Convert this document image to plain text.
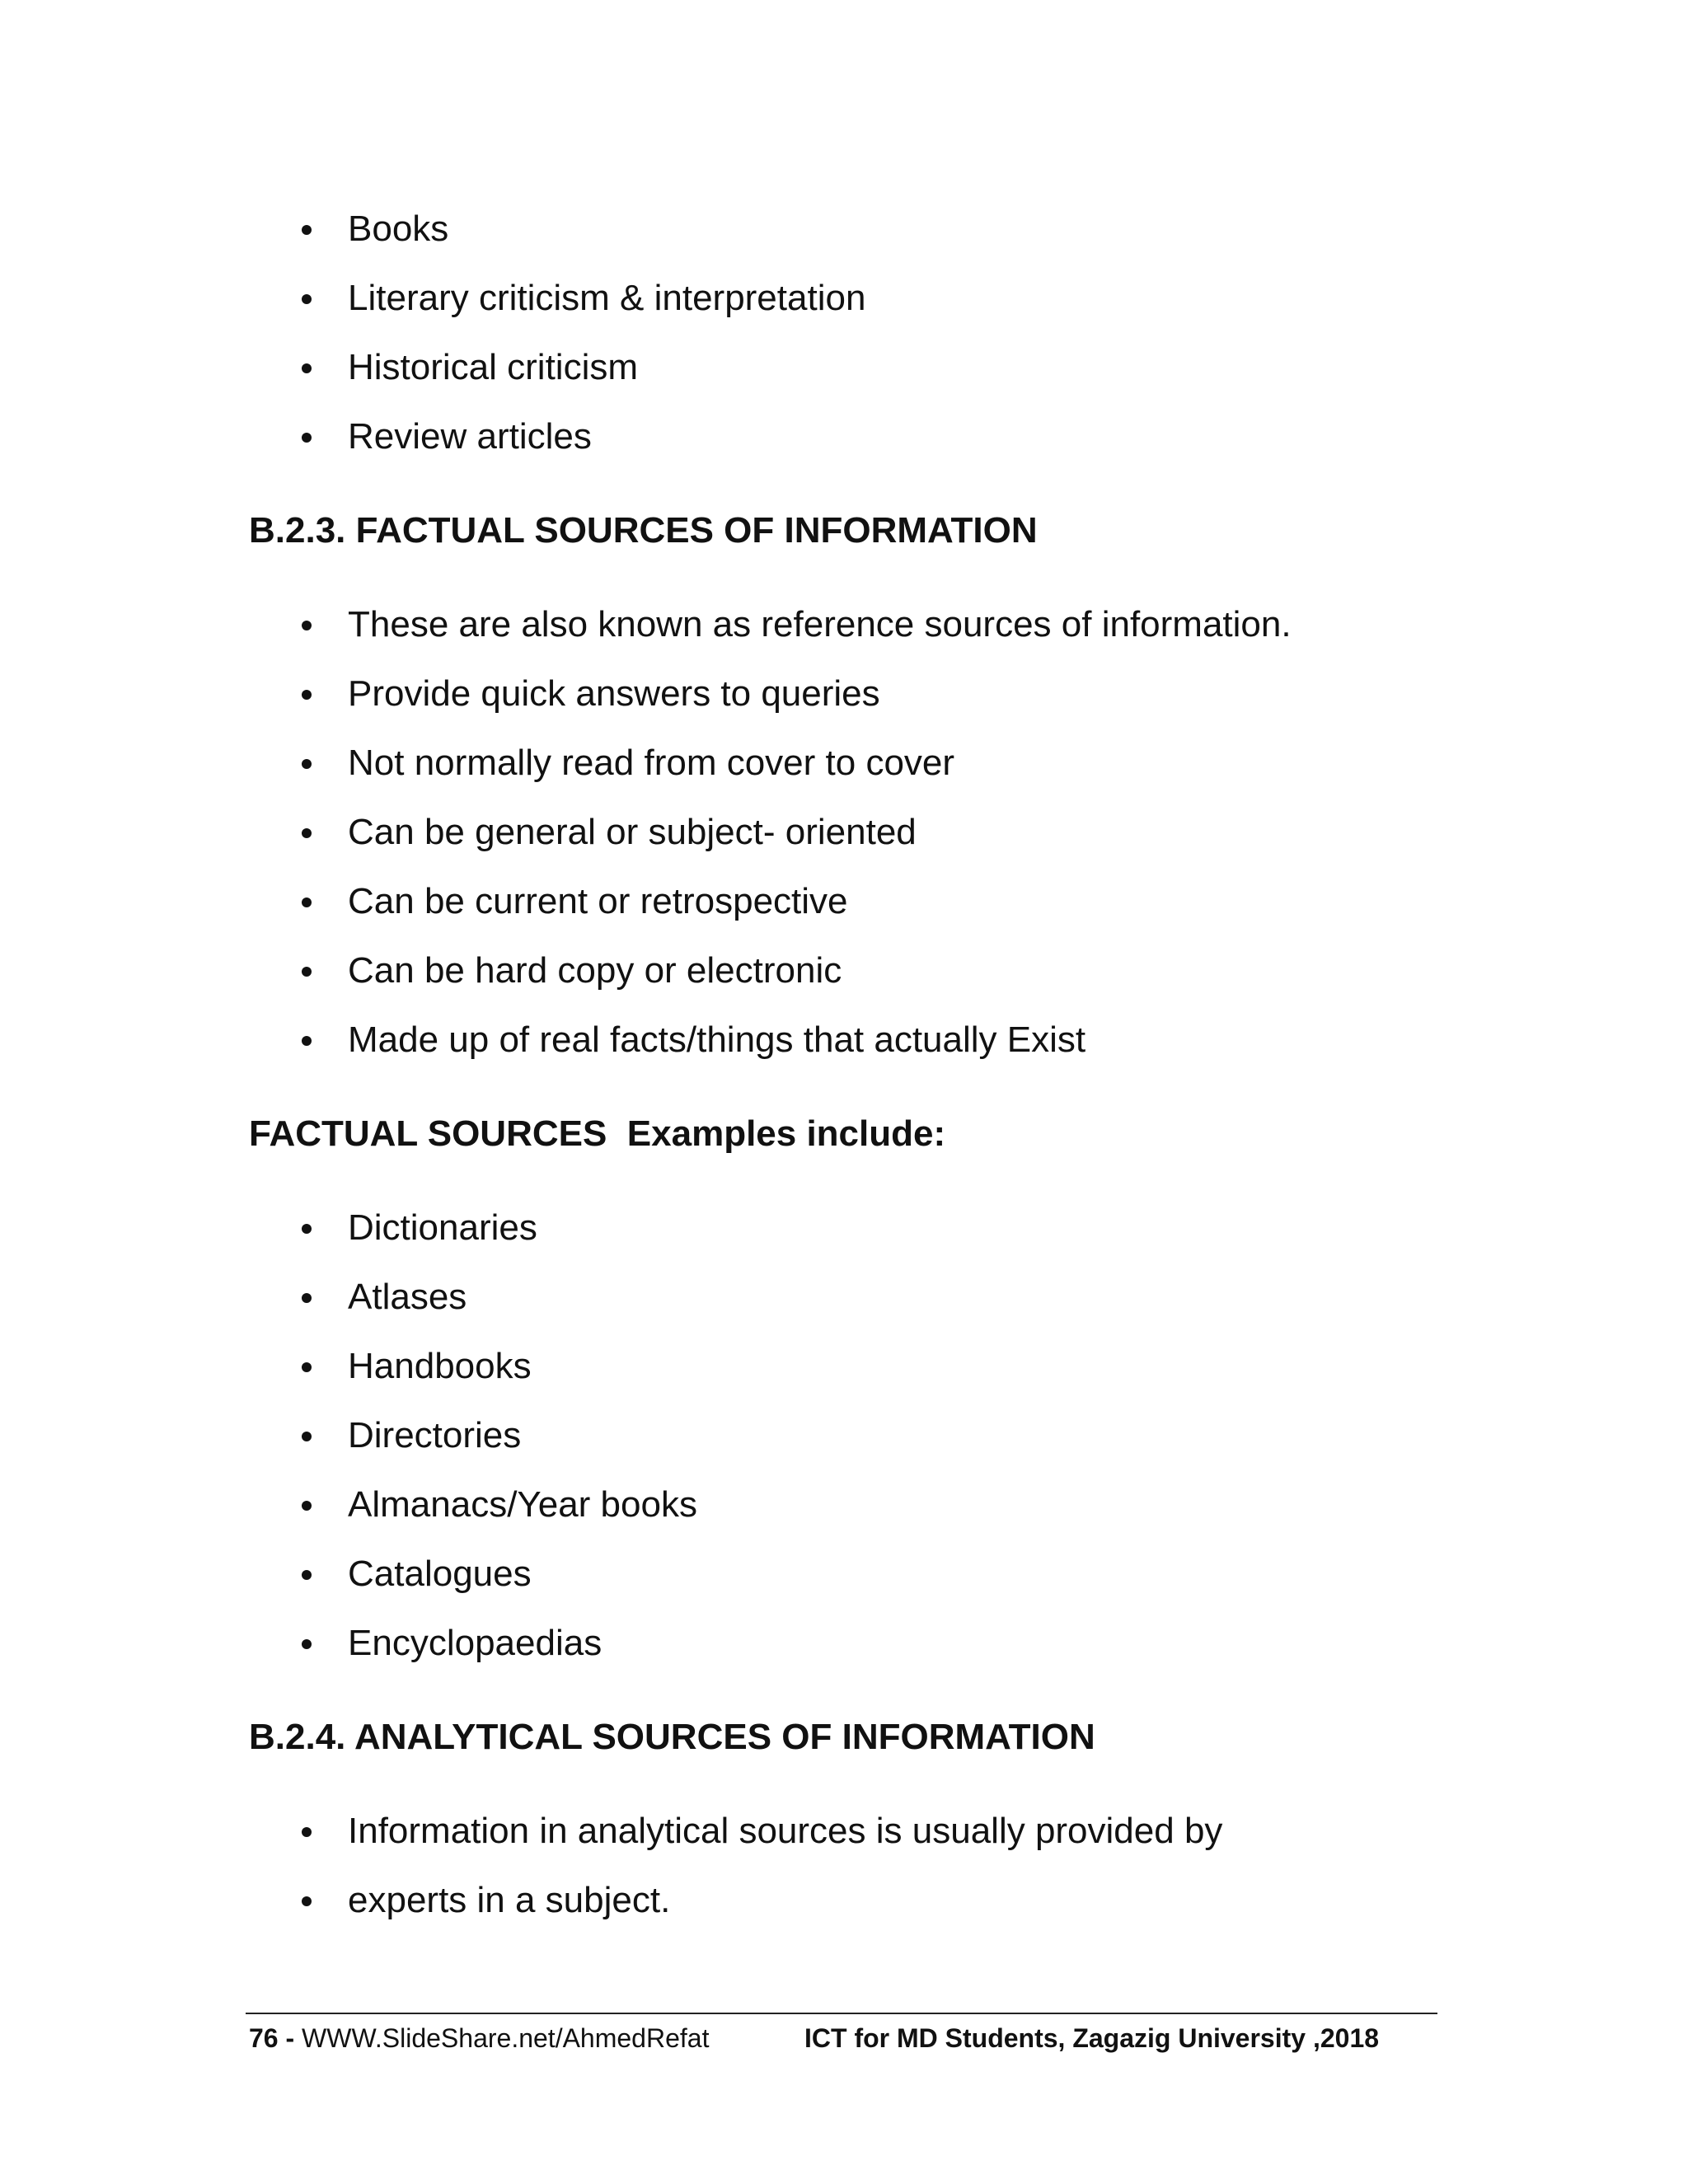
Books
Literary criticism & interpretation
Historical criticism
Review articles
B.2.3. FACTUAL SOURCES OF INFORMATION
These are also known as reference sources of information.
Provide quick answers to queries
Not normally read from cover to cover
Can be general or subject- oriented
Can be current or retrospective
Can be hard copy or electronic
Made up of real facts/things that actually Exist
FACTUAL SOURCES  Examples include:
Dictionaries
Atlases
Handbooks
Directories
Almanacs/Year books
Catalogues
Encyclopaedias
B.2.4. ANALYTICAL SOURCES OF INFORMATION
Information in analytical sources is usually provided by
experts in a subject.
76 - WWW.SlideShare.net/AhmedRefat	ICT for MD Students, Zagazig University ,2018
